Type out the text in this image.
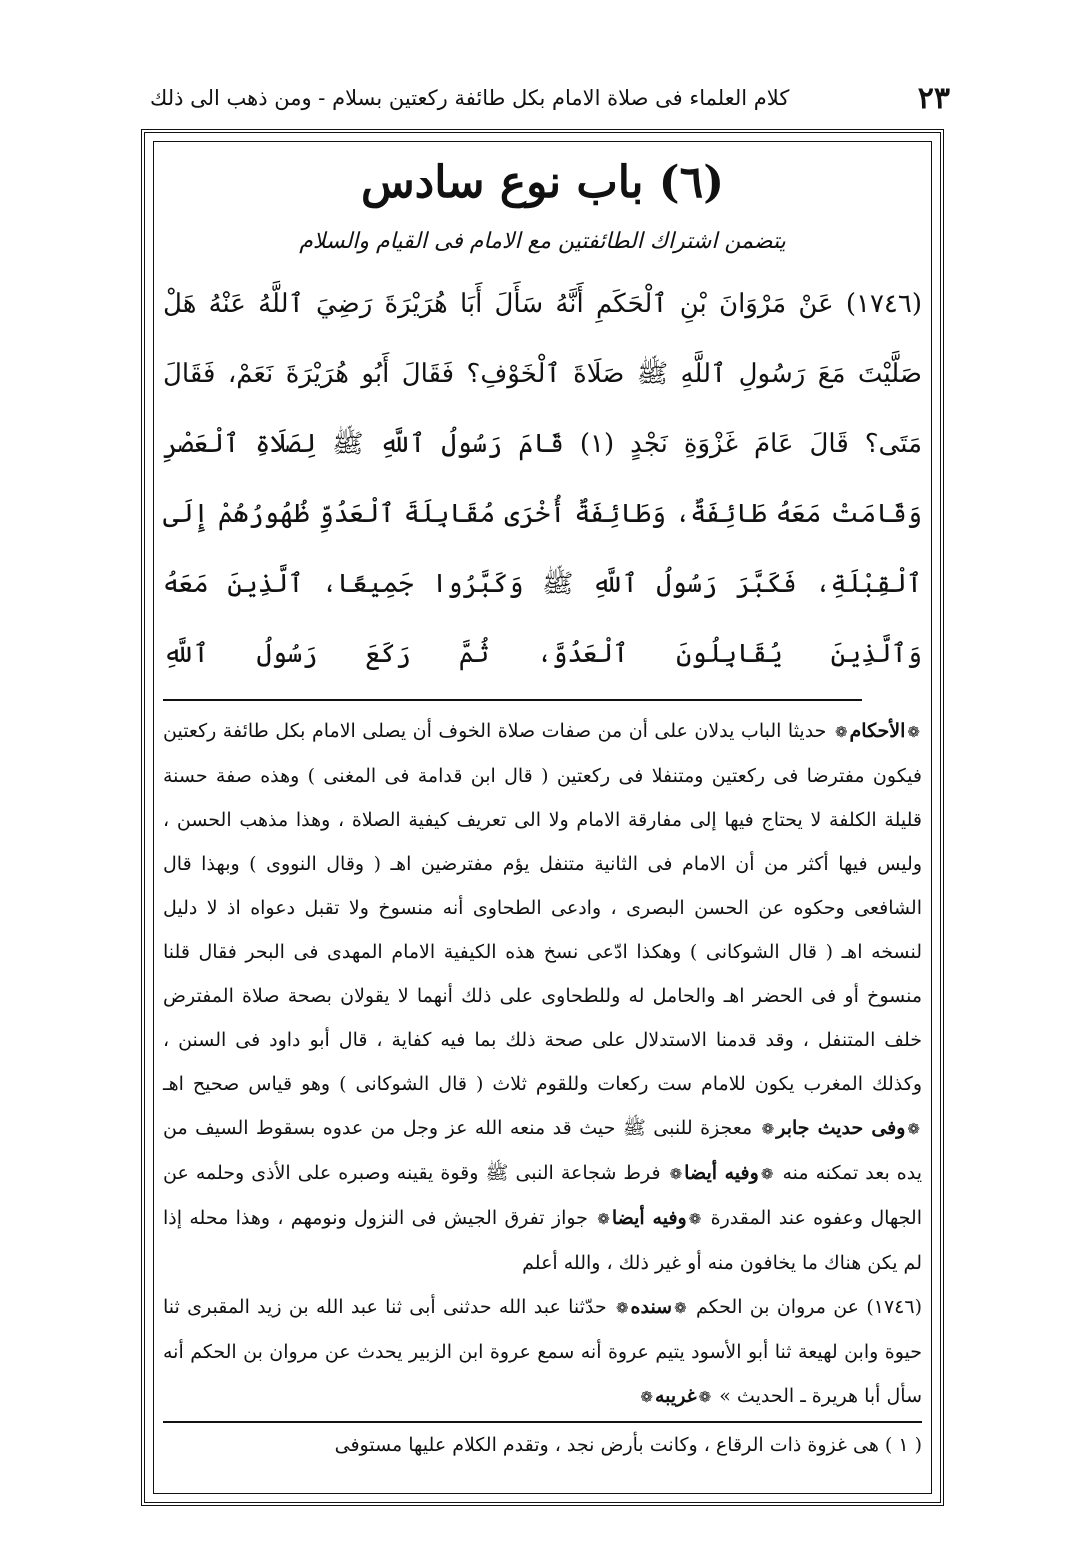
كلام العلماء فى صلاة الامام بكل طائفة ركعتين بسلام - ومن ذهب الى ذلك	٢٣
(٦) باب نوع سادس
يتضمن اشتراك الطائفتين مع الامام فى القيام والسلام

(١٧٤٦) عَنْ مَرْوَانَ بْنِ ٱلْحَكَمِ أَنَّهُ سَأَلَ أَبَا هُرَيْرَةَ رَضِيَ ٱللَّهُ عَنْهُ هَلْ صَلَّيْتَ مَعَ رَسُولِ ٱللَّهِ ﷺ صَلَاةَ ٱلْخَوْفِ؟ فَقَالَ أَبُو هُرَيْرَةَ نَعَمْ، فَقَالَ مَتَى؟ قَالَ عَامَ غَزْوَةِ نَجْدٍ (١) قَامَ رَسُولُ ٱللَّهِ ﷺ لِصَلَاةِ ٱلْعَصْرِ وَقَامَتْ مَعَهُ طَائِفَةٌ، وَطَائِفَةٌ أُخْرَى مُقَابِلَةَ ٱلْعَدُوِّ ظُهُورُهُمْ إِلَى ٱلْقِبْلَةِ، فَكَبَّرَ رَسُولُ ٱللَّهِ ﷺ وَكَبَّرُوا جَمِيعًا، ٱلَّذِينَ مَعَهُ وَٱلَّذِينَ يُقَابِلُونَ ٱلْعَدُوَّ، ثُمَّ رَكَعَ رَسُولُ ٱللَّهِ

❁الأحكام❁ حديثا الباب يدلان على أن من صفات صلاة الخوف أن يصلى الامام بكل طائفة ركعتين فيكون مفترضا فى ركعتين ومتنفلا فى ركعتين ( قال ابن قدامة فى المغنى ) وهذه صفة حسنة قليلة الكلفة لا يحتاج فيها إلى مفارقة الامام ولا الى تعريف كيفية الصلاة ، وهذا مذهب الحسن ، وليس فيها أكثر من أن الامام فى الثانية متنفل يؤم مفترضين اهـ ( وقال النووى ) وبهذا قال الشافعى وحكوه عن الحسن البصرى ، وادعى الطحاوى أنه منسوخ ولا تقبل دعواه اذ لا دليل لنسخه اهـ ( قال الشوكانى ) وهكذا ادّعى نسخ هذه الكيفية الامام المهدى فى البحر فقال قلنا منسوخ أو فى الحضر اهـ والحامل له وللطحاوى على ذلك أنهما لا يقولان بصحة صلاة المفترض خلف المتنفل ، وقد قدمنا الاستدلال على صحة ذلك بما فيه كفاية ، قال أبو داود فى السنن ، وكذلك المغرب يكون للامام ست ركعات وللقوم ثلاث ( قال الشوكانى ) وهو قياس صحيح اهـ ❁وفى حديث جابر❁ معجزة للنبى ﷺ حيث قد منعه الله عز وجل من عدوه بسقوط السيف من يده بعد تمكنه منه ❁وفيه أيضا❁ فرط شجاعة النبى ﷺ وقوة يقينه وصبره على الأذى وحلمه عن الجهال وعفوه عند المقدرة ❁وفيه أيضا❁ جواز تفرق الجيش فى النزول ونومهم ، وهذا محله إذا لم يكن هناك ما يخافون منه أو غير ذلك ، والله أعلم

(١٧٤٦) عن مروان بن الحكم ❁سنده❁ حدّثنا عبد الله حدثنى أبى ثنا عبد الله بن زيد المقبرى ثنا حيوة وابن لهيعة ثنا أبو الأسود يتيم عروة أنه سمع عروة ابن الزبير يحدث عن مروان بن الحكم أنه سأل أبا هريرة ـ الحديث » ❁غريبه❁

( ١ ) هى غزوة ذات الرقاع ، وكانت بأرض نجد ، وتقدم الكلام عليها مستوفى
